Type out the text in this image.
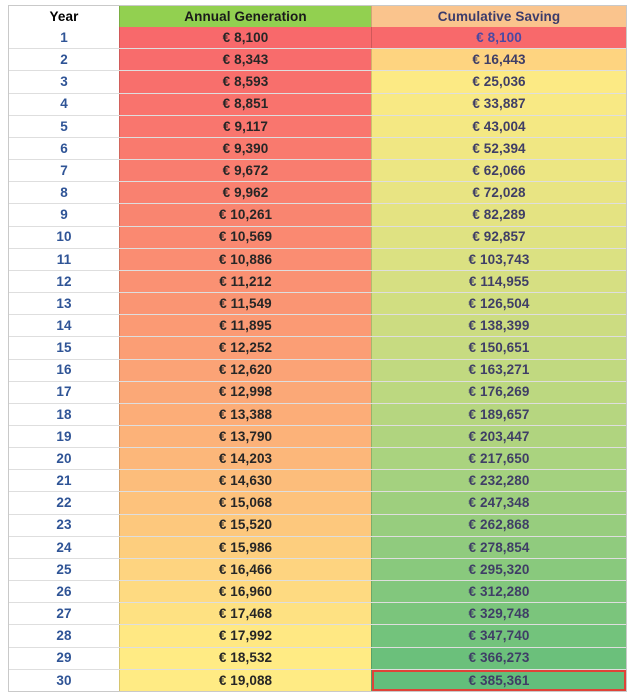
Year	Annual Generation	Cumulative Saving
1	€ 8,100	€ 8,100
2	€ 8,343	€ 16,443
3	€ 8,593	€ 25,036
4	€ 8,851	€ 33,887
5	€ 9,117	€ 43,004
6	€ 9,390	€ 52,394
7	€ 9,672	€ 62,066
8	€ 9,962	€ 72,028
9	€ 10,261	€ 82,289
10	€ 10,569	€ 92,857
11	€ 10,886	€ 103,743
12	€ 11,212	€ 114,955
13	€ 11,549	€ 126,504
14	€ 11,895	€ 138,399
15	€ 12,252	€ 150,651
16	€ 12,620	€ 163,271
17	€ 12,998	€ 176,269
18	€ 13,388	€ 189,657
19	€ 13,790	€ 203,447
20	€ 14,203	€ 217,650
21	€ 14,630	€ 232,280
22	€ 15,068	€ 247,348
23	€ 15,520	€ 262,868
24	€ 15,986	€ 278,854
25	€ 16,466	€ 295,320
26	€ 16,960	€ 312,280
27	€ 17,468	€ 329,748
28	€ 17,992	€ 347,740
29	€ 18,532	€ 366,273
30	€ 19,088	€ 385,361
